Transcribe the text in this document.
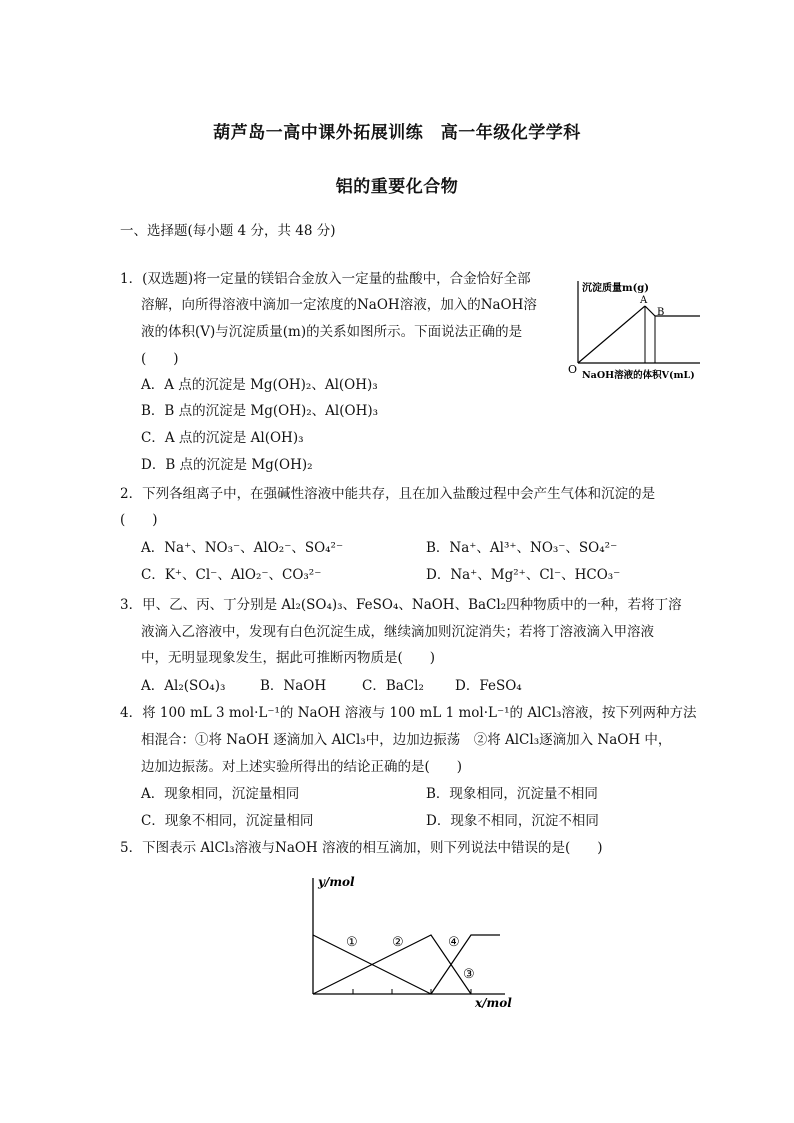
葫芦岛一高中课外拓展训练　高一年级化学学科
铝的重要化合物
一、选择题(每小题 4 分，共 48 分)
1．(双选题)将一定量的镁铝合金放入一定量的盐酸中，合金恰好全部
溶解，向所得溶液中滴加一定浓度的NaOH溶液，加入的NaOH溶
液的体积(V)与沉淀质量(m)的关系如图所示。下面说法正确的是
(　　)
A．A 点的沉淀是 Mg(OH)₂、Al(OH)₃
B．B 点的沉淀是 Mg(OH)₂、Al(OH)₃
C．A 点的沉淀是 Al(OH)₃
D．B 点的沉淀是 Mg(OH)₂
沉淀质量m(g)
A
B
O NaOH溶液的体积V(mL)
2．下列各组离子中，在强碱性溶液中能共存，且在加入盐酸过程中会产生气体和沉淀的是
(　　)
A．Na⁺、NO₃⁻、AlO₂⁻、SO₄²⁻	B．Na⁺、Al³⁺、NO₃⁻、SO₄²⁻
C．K⁺、Cl⁻、AlO₂⁻、CO₃²⁻	D．Na⁺、Mg²⁺、Cl⁻、HCO₃⁻
3．甲、乙、丙、丁分别是 Al₂(SO₄)₃、FeSO₄、NaOH、BaCl₂四种物质中的一种，若将丁溶
液滴入乙溶液中，发现有白色沉淀生成，继续滴加则沉淀消失；若将丁溶液滴入甲溶液
中，无明显现象发生，据此可推断丙物质是(　　)
A．Al₂(SO₄)₃	B．NaOH	C．BaCl₂ D．FeSO₄
4．将 100 mL 3 mol·L⁻¹的 NaOH 溶液与 100 mL 1 mol·L⁻¹的 AlCl₃溶液，按下列两种方法
相混合：①将 NaOH 逐滴加入 AlCl₃中，边加边振荡　②将 AlCl₃逐滴加入 NaOH 中，
边加边振荡。对上述实验所得出的结论正确的是(　　)
A．现象相同，沉淀量相同	B．现象相同，沉淀量不相同
C．现象不相同，沉淀量相同	D．现象不相同，沉淀不相同
5．下图表示 AlCl₃溶液与NaOH 溶液的相互滴加，则下列说法中错误的是(　　)
y/mol
x/mol
①	②
③
④
